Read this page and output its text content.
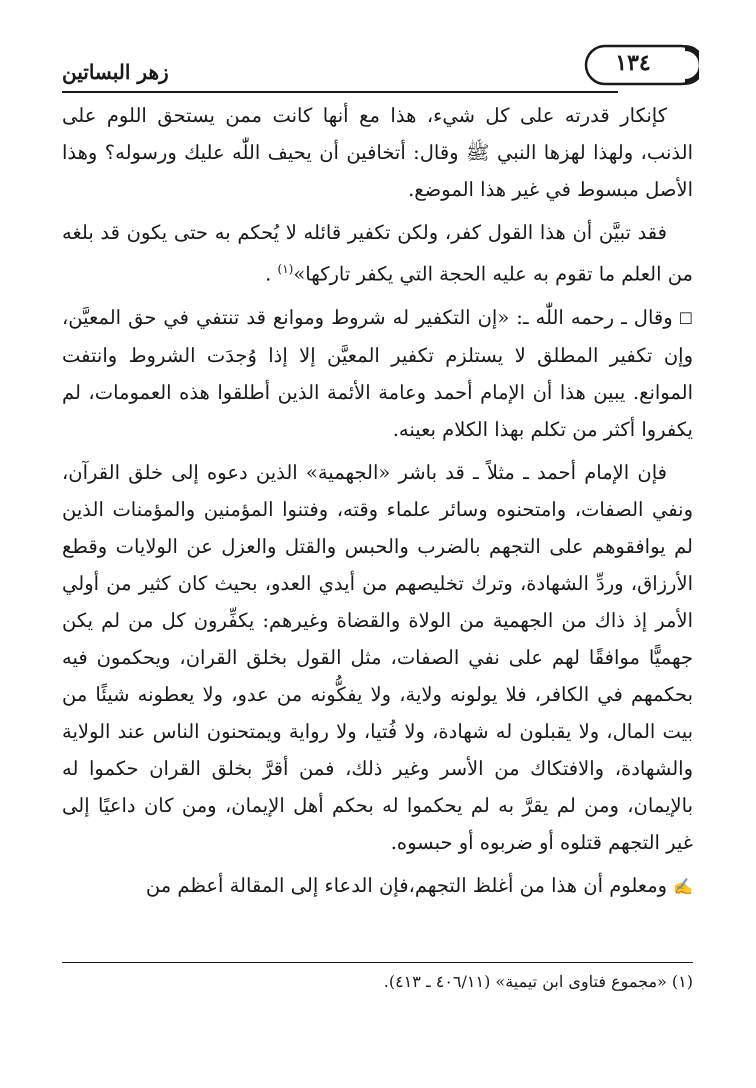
زهر البساتين	١٣٤

كإنكار قدرته على كل شيء، هذا مع أنها كانت ممن يستحق اللوم على الذنب، ولهذا لهزها النبي ﷺ وقال: أتخافين أن يحيف اللّٰه عليك ورسوله؟ وهذا الأصل مبسوط في غير هذا الموضع.

فقد تبيَّن أن هذا القول كفر، ولكن تكفير قائله لا يُحكم به حتى يكون قد بلغه من العلم ما تقوم به عليه الحجة التي يكفر تاركها»$^{(١)}$ .

☐وقال ـ رحمه اللّٰه ـ: «إن التكفير له شروط وموانع قد تنتفي في حق المعيَّن، وإن تكفير المطلق لا يستلزم تكفير المعيَّن إلا إذا وُجدَت الشروط وانتفت الموانع. يبين هذا أن الإمام أحمد وعامة الأئمة الذين أطلقوا هذه العمومات، لم يكفروا أكثر من تكلم بهذا الكلام بعينه.

فإن الإمام أحمد ـ مثلاً ـ قد باشر «الجهمية» الذين دعوه إلى خلق القرآن، ونفي الصفات، وامتحنوه وسائر علماء وقته، وفتنوا المؤمنين والمؤمنات الذين لم يوافقوهم على التجهم بالضرب والحبس والقتل والعزل عن الولايات وقطع الأرزاق، وردِّ الشهادة، وترك تخليصهم من أيدي العدو، بحيث كان كثير من أولي الأمر إذ ذاك من الجهمية من الولاة والقضاة وغيرهم: يكفِّرون كل من لم يكن جهميًّا موافقًا لهم على نفي الصفات، مثل القول بخلق القران، ويحكمون فيه بحكمهم في الكافر، فلا يولونه ولاية، ولا يفكُّونه من عدو، ولا يعطونه شيئًا من بيت المال، ولا يقبلون له شهادة، ولا فُتيا، ولا رواية ويمتحنون الناس عند الولاية والشهادة، والافتكاك من الأسر وغير ذلك، فمن أقرَّ بخلق القران حكموا له بالإيمان، ومن لم يقرَّ به لم يحكموا له بحكم أهل الإيمان، ومن كان داعيًا إلى غير التجهم قتلوه أو ضربوه أو حبسوه.

✍ومعلوم أن هذا من أغلظ التجهم،فإن الدعاء إلى المقالة أعظم من

(١) «مجموع فتاوى ابن تيمية» (٤٠٦/١١ ـ ٤١٣).
